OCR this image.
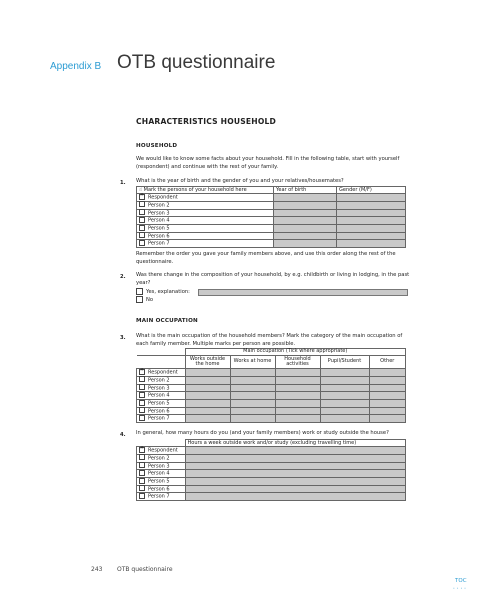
Appendix B OTB questionnaire
CHARACTERISTICS HOUSEHOLD
HOUSEHOLD
We would like to know some facts about your household. Fill in the following table, start with yourself (respondent) and continue with the rest of your family.
1. What is the year of birth and the gender of you and your relatives/housemates?
☝ Mark the persons of your household here	Year of birth	Gender (M/F)
✕Respondent		
Person 2		
Person 3		
Person 4		
Person 5		
Person 6		
Person 7		
Remember the order you gave your family members above, and use this order along the rest of the questionnaire.
2. Was there change in the composition of your household, by e.g. childbirth or living in lodging, in the past year?
Yes, explanation:
No
MAIN OCCUPATION
3. What is the main occupation of the household members? Mark the category of the main occupation of each family member. Multiple marks per person are possible.
	Main occupation (Tick where appropriate)				
	Works outside the home	Works at home	Household activities	Pupil/Student	Other
✕Respondent					
Person 2					
Person 3					
Person 4					
Person 5					
Person 6					
Person 7					
4. In general, how many hours do you (and your family members) work or study outside the house?
	Hours a week outside work and/or study (excluding travelling time)
✕Respondent	
Person 2	
Person 3	
Person 4	
Person 5	
Person 6	
Person 7	
243 OTB questionnaire
TOC
• • • •
